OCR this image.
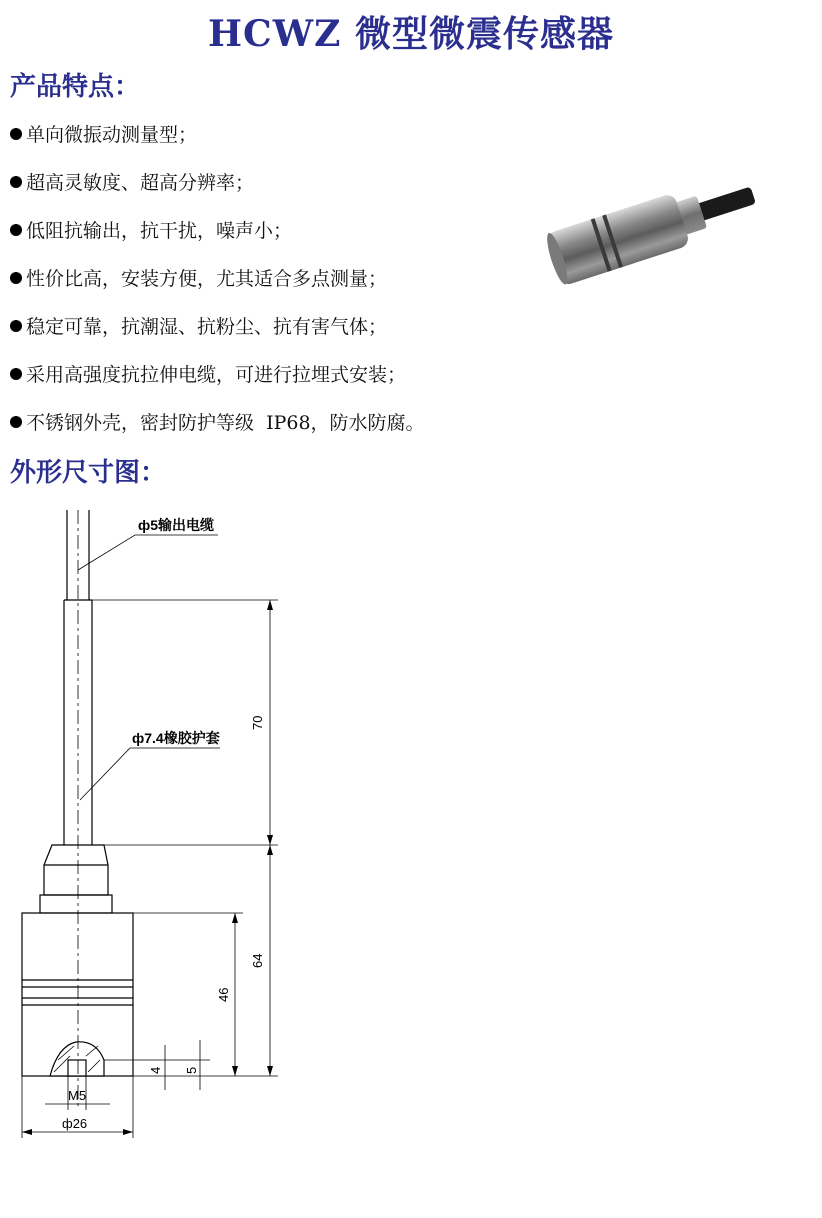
HCWZ 微型微震传感器
产品特点：
单向微振动测量型；
超高灵敏度、超高分辨率；
低阻抗输出，抗干扰，噪声小；
性价比高，安装方便，尤其适合多点测量；
稳定可靠，抗潮湿、抗粉尘、抗有害气体；
采用高强度抗拉伸电缆，可进行拉埋式安装；
不锈钢外壳，密封防护等级  IP68，防水防腐。
外形尺寸图：
ф5输出电缆
ф7.4橡胶护套
70
64
46
4 5
M5
ф26
